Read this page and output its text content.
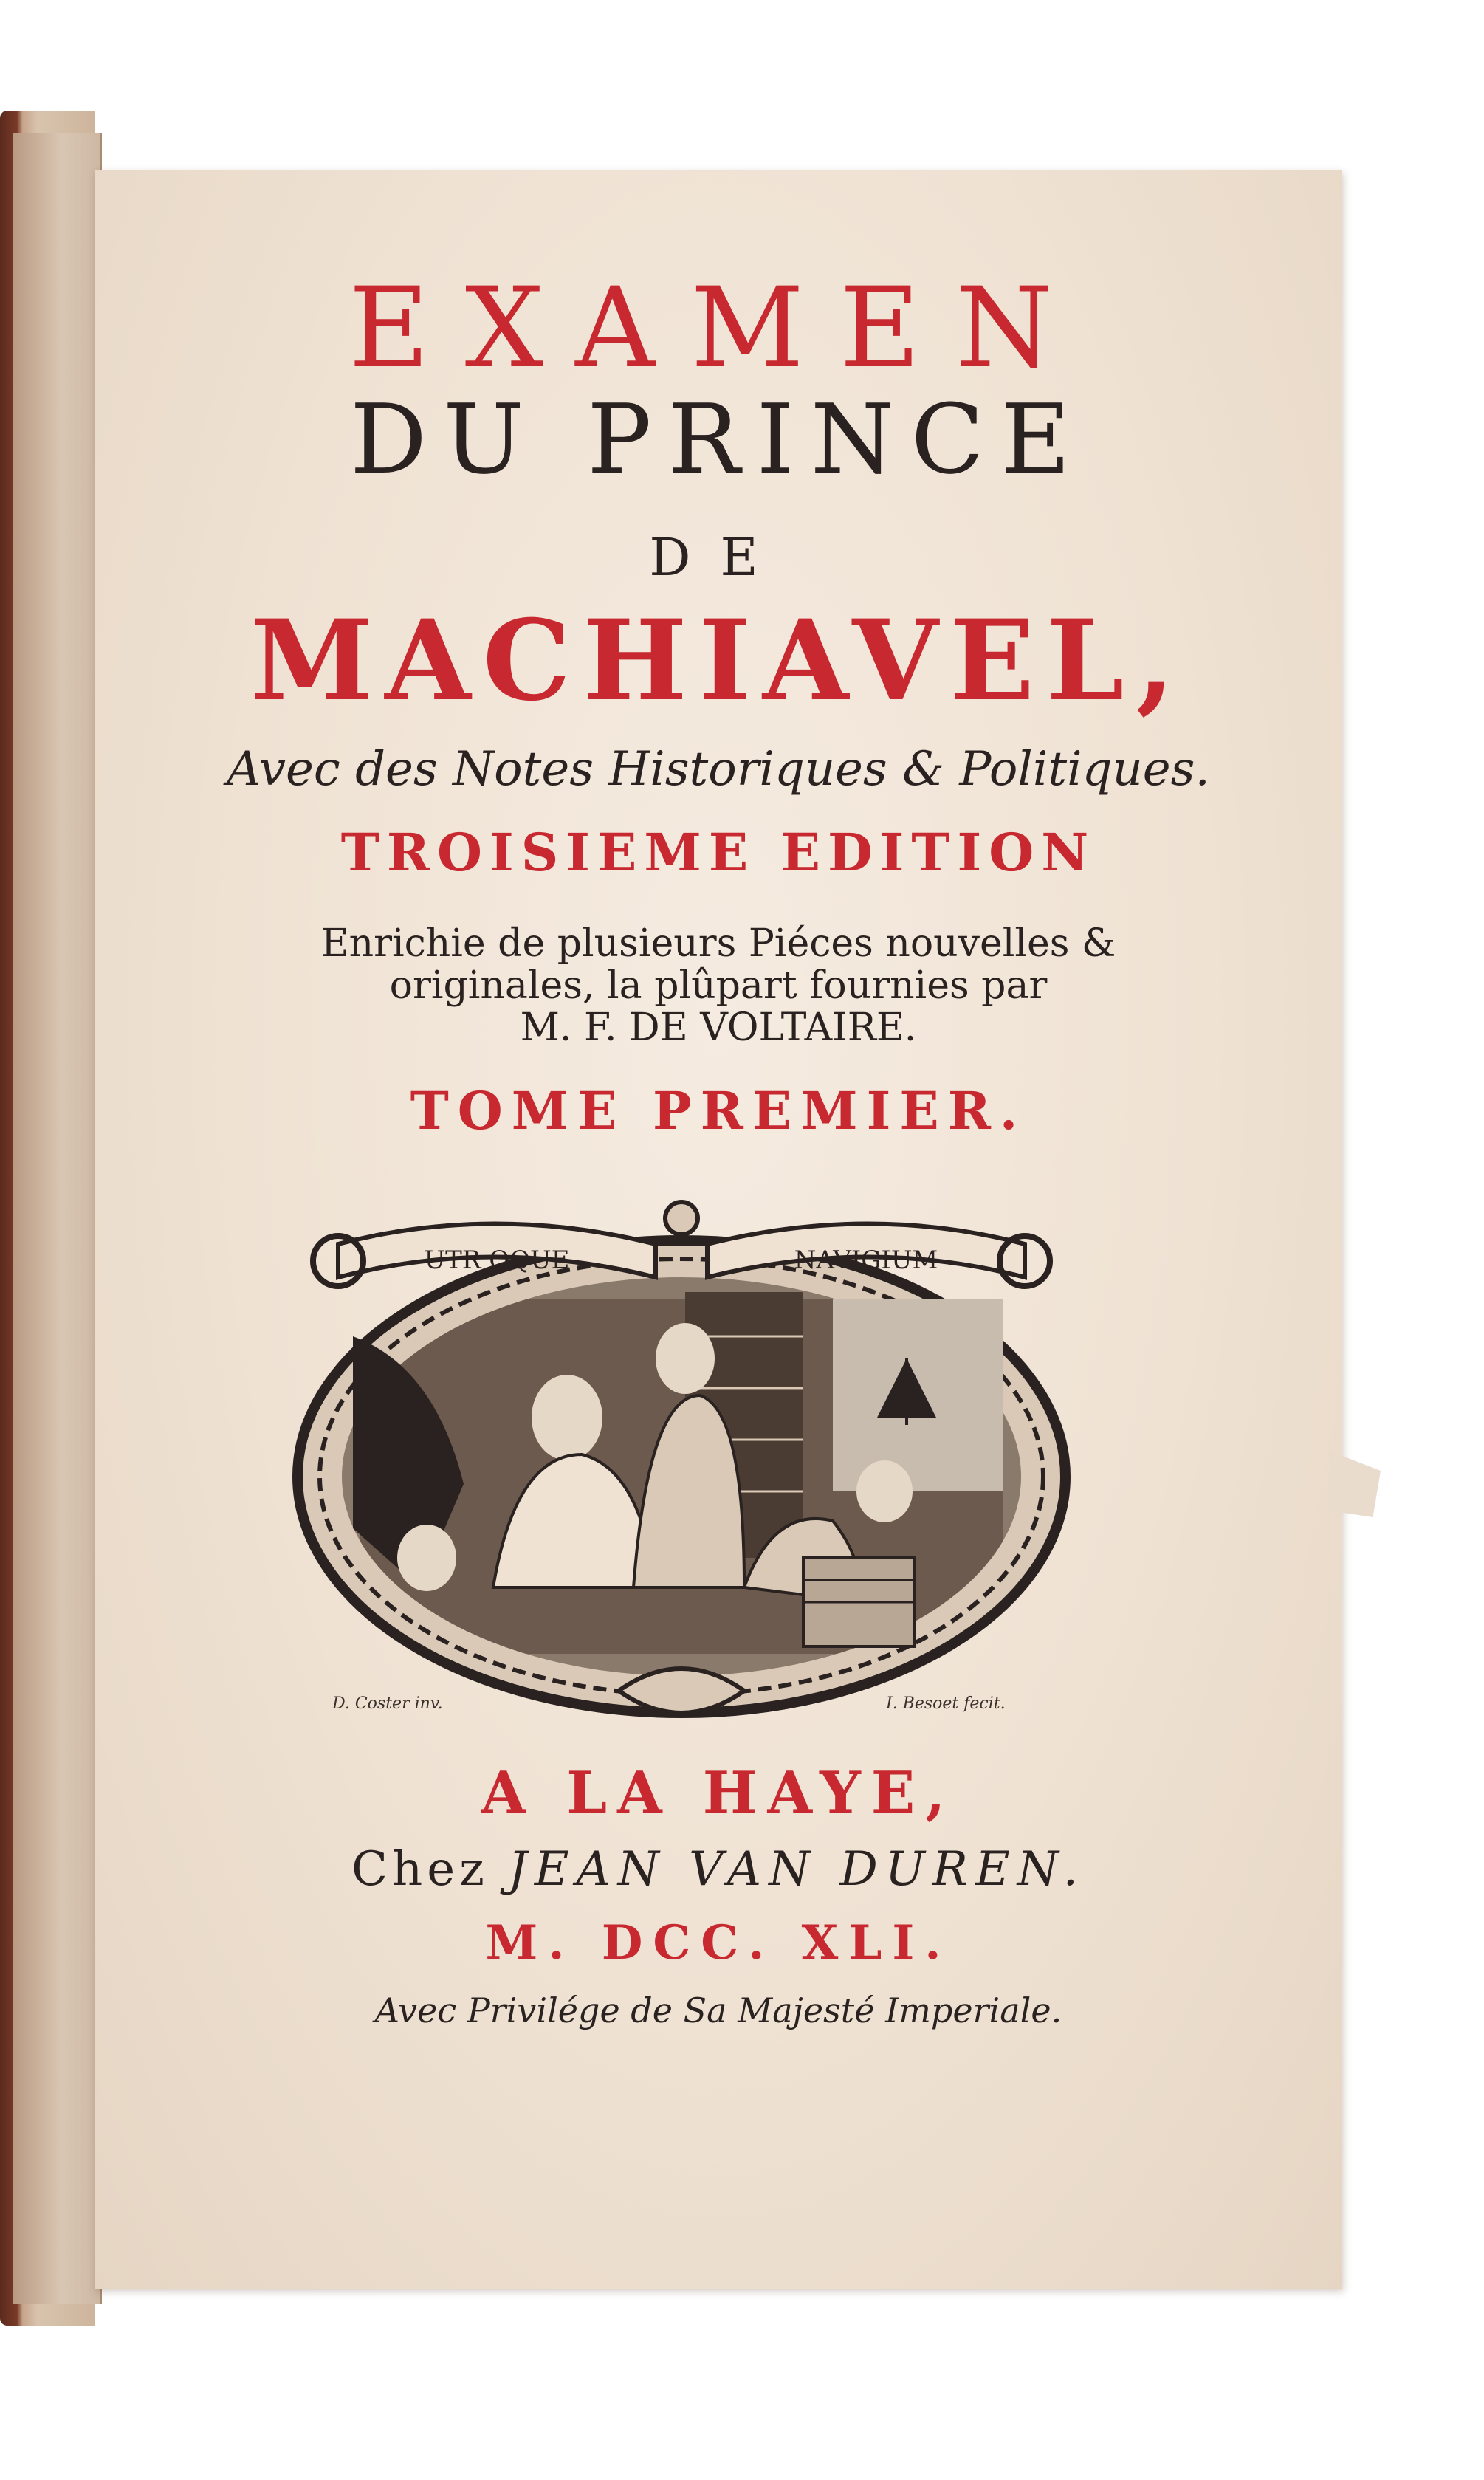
EXAMEN
DU PRINCE
DE
MACHIAVEL,
Avec des Notes Historiques & Politiques.
TROISIEME EDITION
Enrichie de plusieurs Piéces nouvelles &
originales, la plûpart fournies par
M. F. DE VOLTAIRE.
TOME PREMIER.
UTR OQUE	NAVIGIUM
D. Coster inv.	I. Besoet fecit.
A LA HAYE,
Chez JEAN VAN DUREN.
M. DCC. XLI.
Avec Privilége de Sa Majesté Imperiale.
